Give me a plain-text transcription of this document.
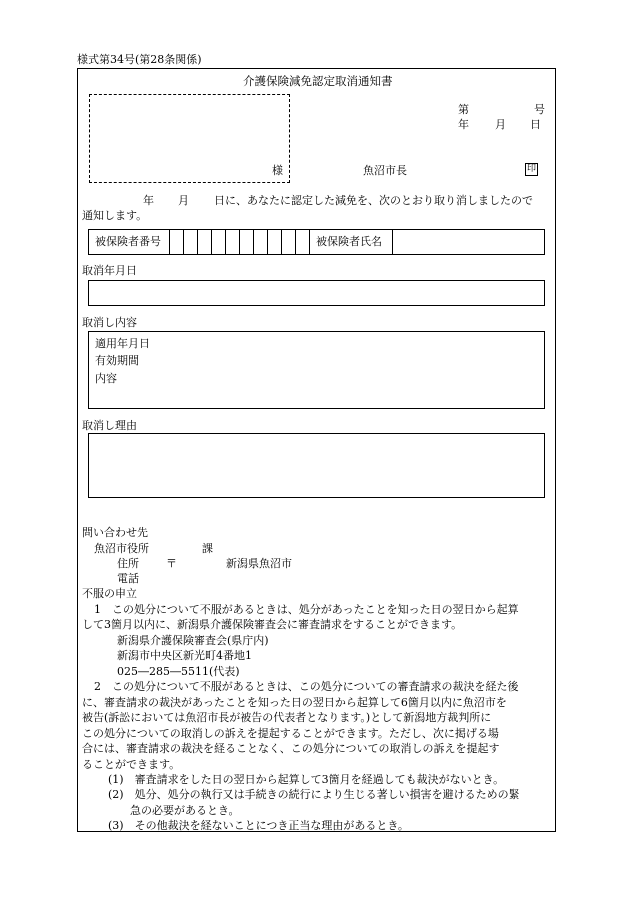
様式第34号(第28条関係)
介護保険減免認定取消通知書
第	号
年 月 日
様	魚沼市長	印
年 月 日に、あなたに認定した減免を、次のとおり取り消しましたので
通知します。
被保険者番号	被保険者氏名
取消年月日
取消し内容
適用年月日
有効期間
内容
取消し理由
問い合わせ先
魚沼市役所	課
住所 〒	新潟県魚沼市
電話
不服の申立
1　この処分について不服があるときは、処分があったことを知った日の翌日から起算
して3箇月以内に、新潟県介護保険審査会に審査請求をすることができます。
新潟県介護保険審査会(県庁内)
新潟市中央区新光町4番地1
025―285―5511(代表)
2　この処分について不服があるときは、この処分についての審査請求の裁決を経た後
に、審査請求の裁決があったことを知った日の翌日から起算して6箇月以内に魚沼市を
被告(訴訟においては魚沼市長が被告の代表者となります。)として新潟地方裁判所に
この処分についての取消しの訴えを提起することができます。ただし、次に掲げる場
合には、審査請求の裁決を経ることなく、この処分についての取消しの訴えを提起す
ることができます。
(1)　審査請求をした日の翌日から起算して3箇月を経過しても裁決がないとき。
(2)　処分、処分の執行又は手続きの続行により生じる著しい損害を避けるための緊
急の必要があるとき。
(3)　その他裁決を経ないことにつき正当な理由があるとき。
